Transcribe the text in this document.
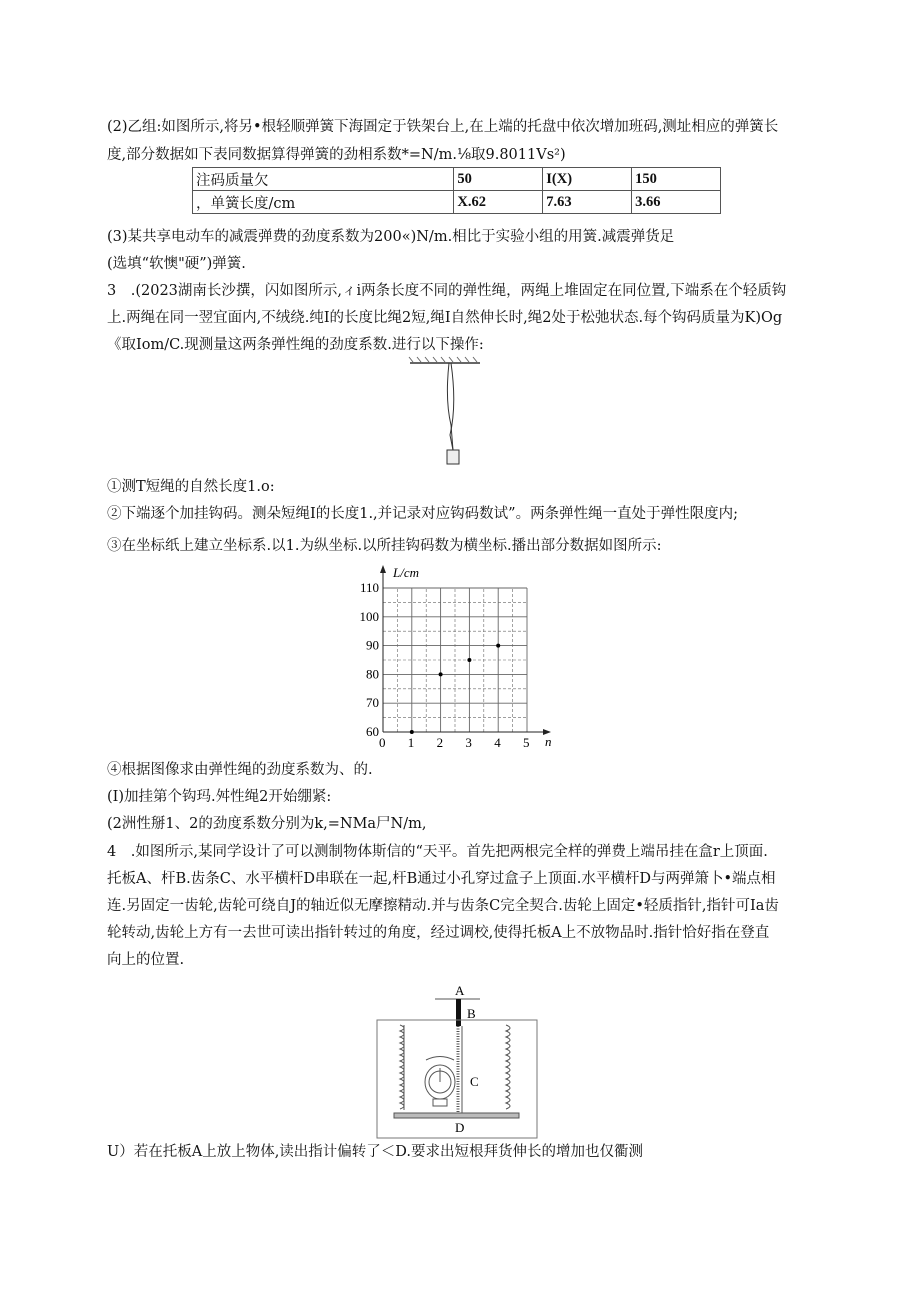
(2)乙组:如图所示,将另•根轻顺弹簧下海圄定于铁架台上,在上端的托盘中依次增加班码,测址相应的弹簧长
度,部分数据如下表同数据算得弹簧的劲相系数*=N/m.⅛取9.8011Vs²)
注码质量欠	50	I(X)	150
，单簧长度/cm	X.62	7.63	3.66
(3)某共享电动车的减震弹费的劲度系数为200«)N/m.相比于实验小组的用簧.减震弹货足
(选填“软懊"硬”)弹簧.
3　.(2023湖南长沙撰，闪如图所示,ィi两条长度不同的弹性绳，两绳上堆固定在同位置,下端系在个轻质钩
上.两绳在同一翌宜面内,不绒绕.纯I的长度比绳2短,绳I自然伸长时,绳2处于松弛状态.每个钩码质量为K)Og
《取Iom/C.现测量这两条弹性绳的劲度系数.进行以下操作:
①测T短绳的自然长度1.o:
②下端逐个加挂钩码。测朵短绳I的长度1.,并记录对应钩码数试”。两条弹性绳一直处于弹性限度内;
③在坐标纸上建立坐标系.以1.为纵坐标.以所挂钩码数为横坐标.播出部分数据如图所示:
0 1 2 3 4 5
60
70
80
90
100
110
L/cm
n
④根据图像求由弹性绳的劲度系数为、的.
(I)加挂第个钩玛.舛性绳2开始绷紧:
(2洲性掰1、2的劲度系数分别为k,=NMa尸N/m,
4　.如图所示,某同学设计了可以测制物体斯信的“天平。首先把两根完全样的弹费上端吊挂在盒r上顶面.
托板A、杆B.齿条C、水平横杆D串联在一起,杆B通过小孔穿过盒子上顶面.水平横杆D与两弹箫卜•端点相
连.另固定一齿轮,齿轮可绕自J的轴近似无摩擦精动.并与齿条C完全契合.齿轮上固定•轻质指针,指针可Ia齿
轮转动,齿轮上方有一去世可读出指针转过的角度，经过调校,使得托板A上不放物品时.指针恰好指在登直
向上的位置.
A
B
C
D
U）若在托板A上放上物体,读出指计偏转了＜D.要求出短根拜货伸长的增加也仅衢测
